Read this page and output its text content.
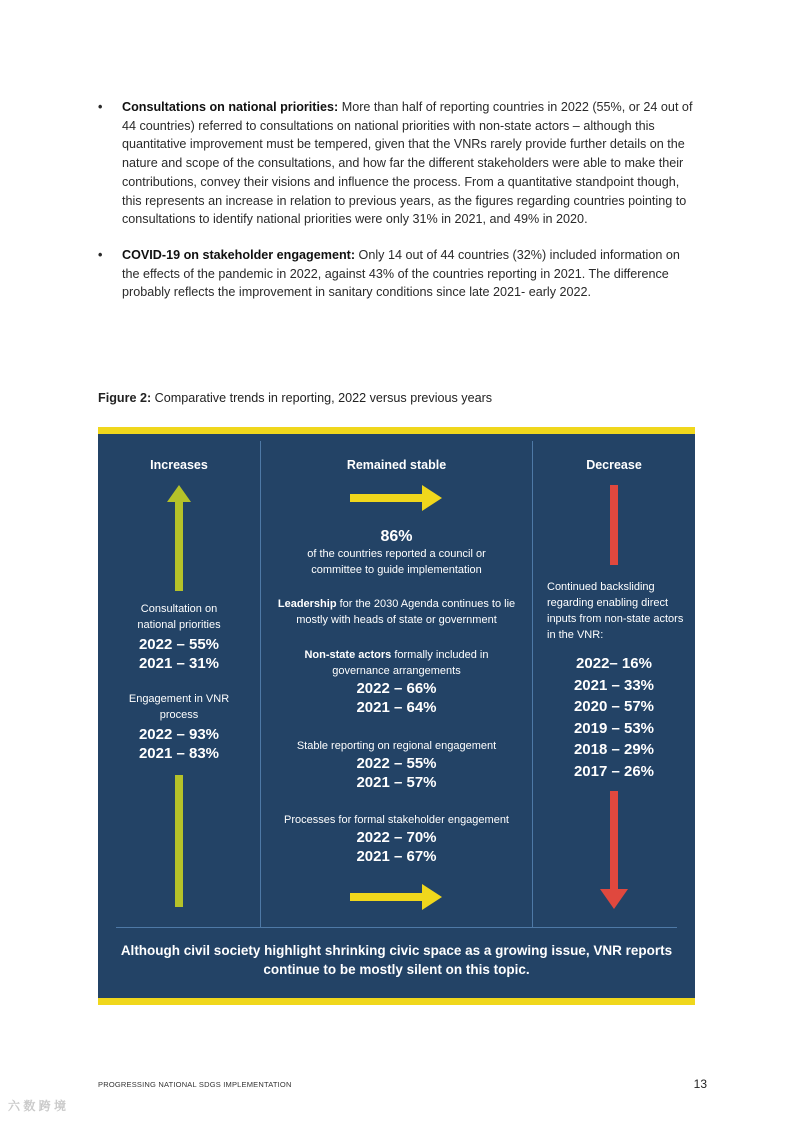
• Consultations on national priorities: More than half of reporting countries in 2022 (55%, or 24 out of 44 countries) referred to consultations on national priorities with non-state actors – although this quantitative improvement must be tempered, given that the VNRs rarely provide further details on the nature and scope of the consultations, and how far the different stakeholders were able to make their contributions, convey their visions and influence the process. From a quantitative standpoint though, this represents an increase in relation to previous years, as the figures regarding countries pointing to consultations to identify national priorities were only 31% in 2021, and 49% in 2020.

• COVID-19 on stakeholder engagement: Only 14 out of 44 countries (32%) included information on the effects of the pandemic in 2022, against 43% of the countries reporting in 2021. The difference probably reflects the improvement in sanitary conditions since late 2021- early 2022.

Figure 2: Comparative trends in reporting, 2022 versus previous years

Increases
Consultation on national priorities
2022 – 55%
2021 – 31%
Engagement in VNR process
2022 – 93%
2021 – 83%
Remained stable
86%
of the countries reported a council or committee to guide implementation
Leadership for the 2030 Agenda continues to lie mostly with heads of state or government
Non-state actors formally included in governance arrangements
2022 – 66%
2021 – 64%
Stable reporting on regional engagement
2022 – 55%
2021 – 57%
Processes for formal stakeholder engagement
2022 – 70%
2021 – 67%
Decrease
Continued backsliding regarding enabling direct inputs from non-state actors in the VNR:
2022– 16%
2021 – 33%
2020 – 57%
2019 – 53%
2018 – 29%
2017 – 26%
Although civil society highlight shrinking civic space as a growing issue, VNR reports continue to be mostly silent on this topic.
PROGRESSING NATIONAL SDGS IMPLEMENTATION	13
六 数 跨 境
